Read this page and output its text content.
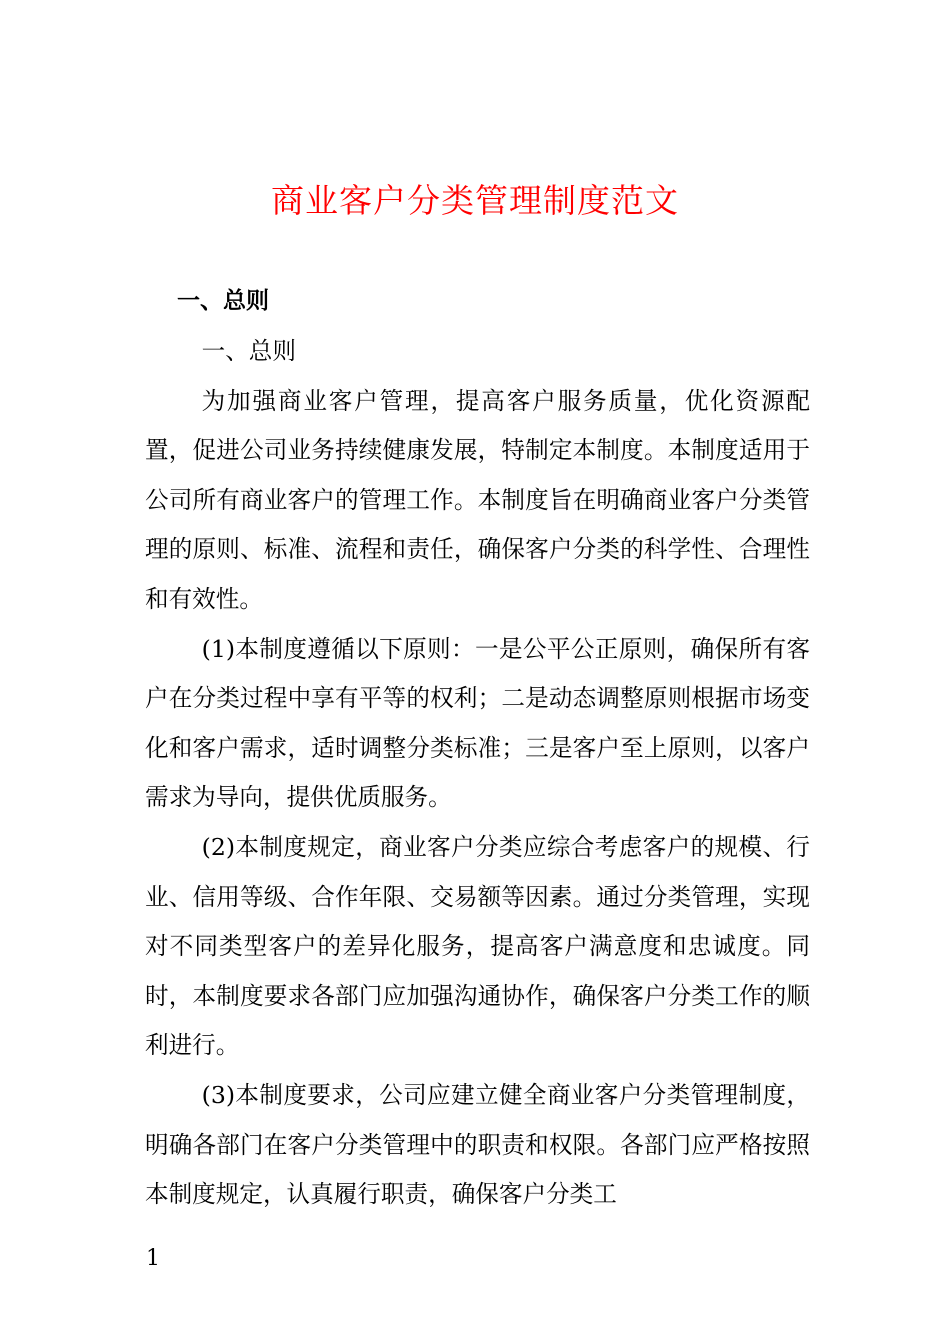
商业客户分类管理制度范文
一、总则

一、总则

为加强商业客户管理，提高客户服务质量，优化资源配置，促进公司业务持续健康发展，特制定本制度。本制度适用于公司所有商业客户的管理工作。本制度旨在明确商业客户分类管理的原则、标准、流程和责任，确保客户分类的科学性、合理性和有效性。

(1)本制度遵循以下原则：一是公平公正原则，确保所有客户在分类过程中享有平等的权利；二是动态调整原则根据市场变化和客户需求，适时调整分类标准；三是客户至上原则，以客户需求为导向，提供优质服务。

(2)本制度规定，商业客户分类应综合考虑客户的规模、行业、信用等级、合作年限、交易额等因素。通过分类管理，实现对不同类型客户的差异化服务，提高客户满意度和忠诚度。同时，本制度要求各部门应加强沟通协作，确保客户分类工作的顺利进行。

(3)本制度要求，公司应建立健全商业客户分类管理制度，明确各部门在客户分类管理中的职责和权限。各部门应严格按照本制度规定，认真履行职责，确保客户分类工

1
